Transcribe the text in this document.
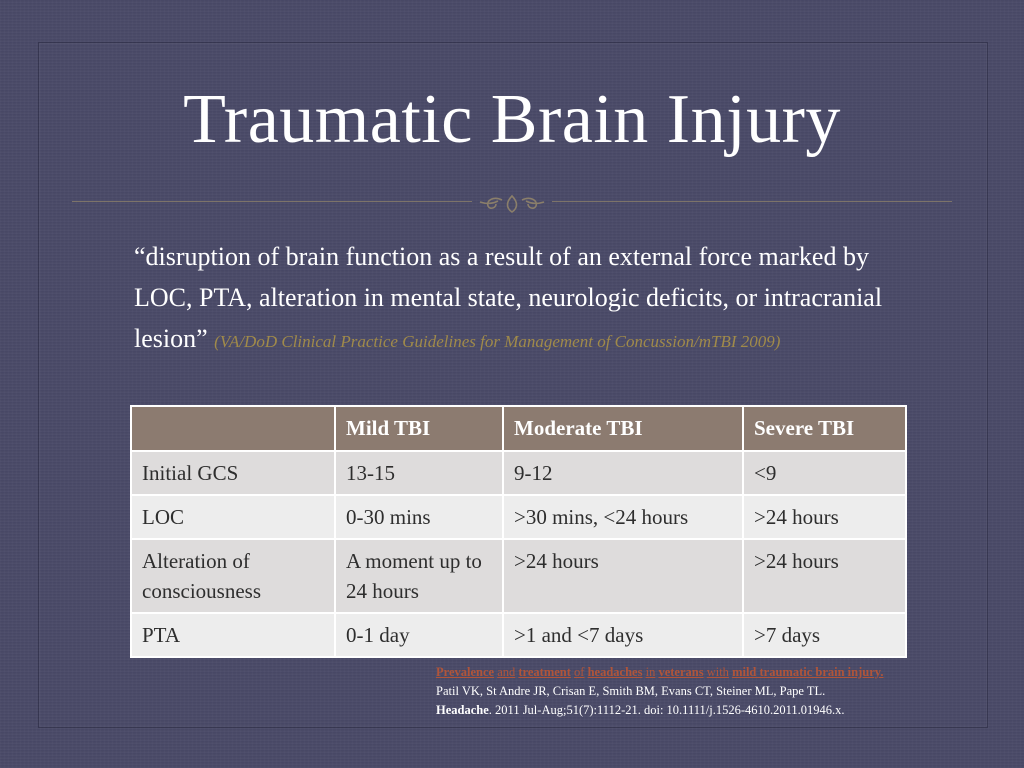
Traumatic Brain Injury
“disruption of brain function as a result of an external force marked by LOC, PTA, alteration in mental state, neurologic deficits, or intracranial lesion” (VA/DoD Clinical Practice Guidelines for Management of Concussion/mTBI 2009)
	Mild TBI	Moderate TBI	Severe TBI
Initial GCS	13-15	9-12	<9
LOC	0-30 mins	>30 mins, <24 hours	>24 hours
Alteration of consciousness	A moment up to 24 hours	>24 hours	>24 hours
PTA	0-1 day	>1 and <7 days	>7 days
Prevalence and treatment of headaches in veterans with mild traumatic brain injury.
Patil VK, St Andre JR, Crisan E, Smith BM, Evans CT, Steiner ML, Pape TL.
Headache. 2011 Jul-Aug;51(7):1112-21. doi: 10.1111/j.1526-4610.2011.01946.x.
